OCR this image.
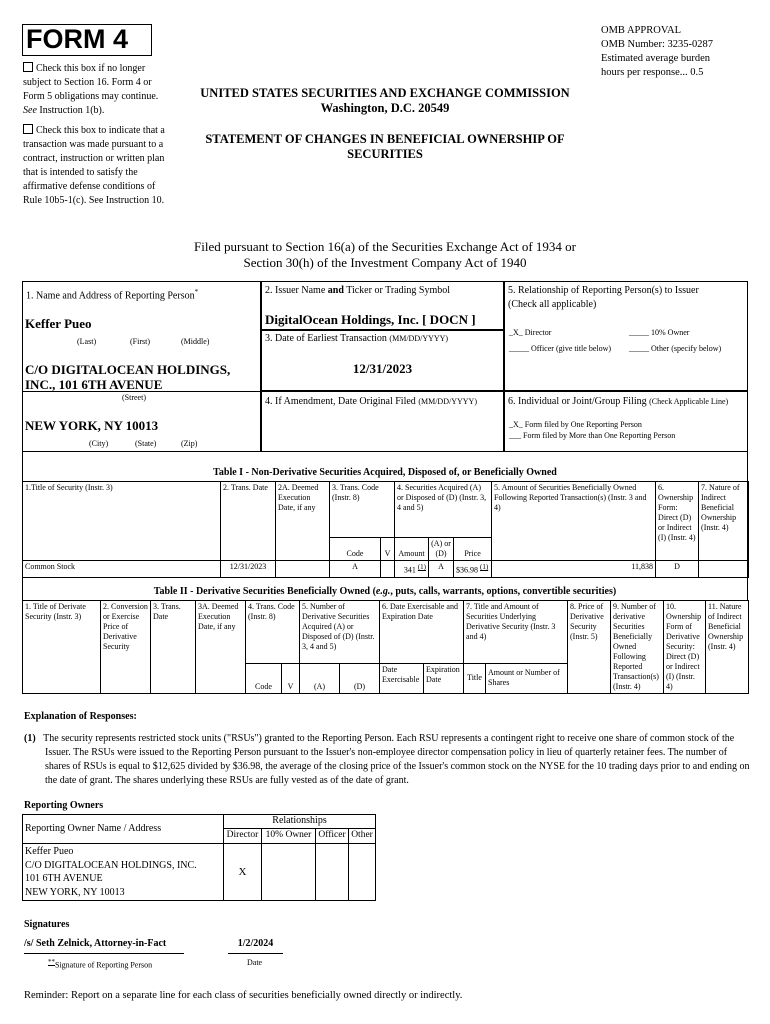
FORM 4	OMB APPROVAL
OMB Number: 3235-0287
Estimated average burden
hours per response... 0.5
Check this box if no longer subject to Section 16. Form 4 or Form 5 obligations may continue. See Instruction 1(b).
Check this box to indicate that a transaction was made pursuant to a contract, instruction or written plan that is intended to satisfy the affirmative defense conditions of Rule 10b5-1(c). See Instruction 10.
UNITED STATES SECURITIES AND EXCHANGE COMMISSION
Washington, D.C. 20549
STATEMENT OF CHANGES IN BENEFICIAL OWNERSHIP OF SECURITIES
Filed pursuant to Section 16(a) of the Securities Exchange Act of 1934 or
Section 30(h) of the Investment Company Act of 1940
1. Name and Address of Reporting Person*
Keffer Pueo
(Last)	(First)	(Middle)
C/O DIGITALOCEAN HOLDINGS, INC., 101 6TH AVENUE
(Street)
NEW YORK, NY 10013
(City)	(State)	(Zip)
2. Issuer Name and Ticker or Trading Symbol
DigitalOcean Holdings, Inc. [ DOCN ]
3. Date of Earliest Transaction (MM/DD/YYYY)
12/31/2023
4. If Amendment, Date Original Filed (MM/DD/YYYY)
5. Relationship of Reporting Person(s) to Issuer
(Check all applicable)
_X_ Director	_____ 10% Owner
_____ Officer (give title below) _____ Other (specify below)
6. Individual or Joint/Group Filing (Check Applicable Line)
_X_ Form filed by One Reporting Person
___ Form filed by More than One Reporting Person
Table I - Non-Derivative Securities Acquired, Disposed of, or Beneficially Owned
1.Title of Security (Instr. 3)	2. Trans. Date	2A. Deemed Execution Date, if any	3. Trans. Code (Instr. 8)		4. Securities Acquired (A) or Disposed of (D) (Instr. 3, 4 and 5)			5. Amount of Securities Beneficially Owned Following Reported Transaction(s) (Instr. 3 and 4)	6. Ownership Form: Direct (D) or Indirect (I) (Instr. 4)	7. Nature of Indirect Beneficial Ownership (Instr. 4)
			Code	V	Amount	(A) or (D)	Price			
Common Stock	12/31/2023		A		341 $^{(1)}$	A	$36.98 $^{(1)}$	11,838	D	
Table II - Derivative Securities Beneficially Owned (e.g., puts, calls, warrants, options, convertible securities)
1. Title of Derivate Security (Instr. 3)	2. Conversion or Exercise Price of Derivative Security	3. Trans. Date	3A. Deemed Execution Date, if any	4. Trans. Code (Instr. 8)		5. Number of Derivative Securities Acquired (A) or Disposed of (D) (Instr. 3, 4 and 5)		6. Date Exercisable and Expiration Date		7. Title and Amount of Securities Underlying Derivative Security (Instr. 3 and 4)		8. Price of Derivative Security (Instr. 5)	9. Number of derivative Securities Beneficially Owned Following Reported Transaction(s) (Instr. 4)	10. Ownership Form of Derivative Security: Direct (D) or Indirect (I) (Instr. 4)	11. Nature of Indirect Beneficial Ownership (Instr. 4)
				Code	V	(A)	(D)	Date Exercisable	Expiration Date	Title	Amount or Number of Shares				
Explanation of Responses:
(1) The security represents restricted stock units ("RSUs") granted to the Reporting Person. Each RSU represents a contingent right to receive one share of common stock of the Issuer. The RSUs were issued to the Reporting Person pursuant to the Issuer's non-employee director compensation policy in lieu of quarterly retainer fees. The number of shares of RSUs is equal to $12,625 divided by $36.98, the average of the closing price of the Issuer's common stock on the NYSE for the 10 trading days prior to and ending on the date of grant. The shares underlying these RSUs are fully vested as of the date of grant.
Reporting Owners
Reporting Owner Name / Address	Relationships			
	Director	10% Owner	Officer	Other

Keffer Pueo
C/O DIGITALOCEAN HOLDINGS, INC.
101 6TH AVENUE
NEW YORK, NY 10013	X			
Signatures
/s/ Seth Zelnick, Attorney-in-Fact	1/2/2024
**Signature of Reporting Person	Date
Reminder: Report on a separate line for each class of securities beneficially owned directly or indirectly.
